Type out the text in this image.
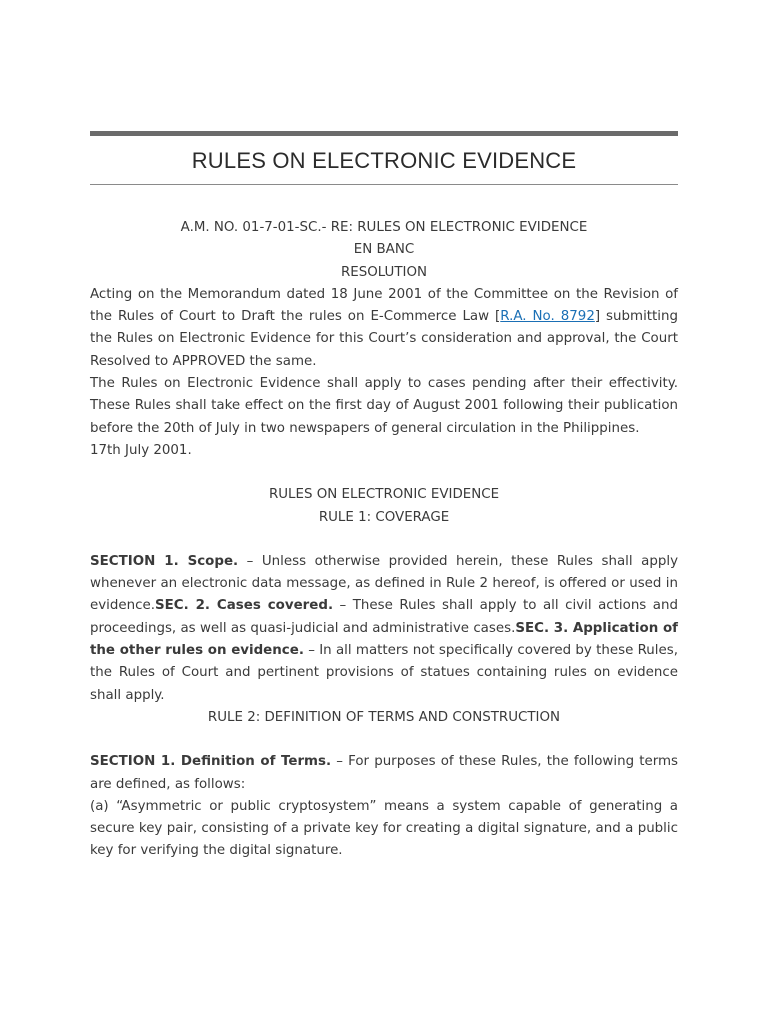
RULES ON ELECTRONIC EVIDENCE

A.M. NO. 01-7-01-SC.- RE: RULES ON ELECTRONIC EVIDENCE

EN BANC

RESOLUTION

Acting on the Memorandum dated 18 June 2001 of the Committee on the Revision of the Rules of Court to Draft the rules on E-Commerce Law [R.A. No. 8792] submitting the Rules on Electronic Evidence for this Court’s consideration and approval, the Court Resolved to APPROVED the same.

The Rules on Electronic Evidence shall apply to cases pending after their effectivity. These Rules shall take effect on the first day of August 2001 following their publication before the 20th of July in two newspapers of general circulation in the Philippines.

17th July 2001.

RULES ON ELECTRONIC EVIDENCE

RULE 1: COVERAGE

SECTION 1. Scope. – Unless otherwise provided herein, these Rules shall apply whenever an electronic data message, as defined in Rule 2 hereof, is offered or used in evidence.SEC. 2. Cases covered. – These Rules shall apply to all civil actions and proceedings, as well as quasi-judicial and administrative cases.SEC. 3. Application of the other rules on evidence. – In all matters not specifically covered by these Rules, the Rules of Court and pertinent provisions of statues containing rules on evidence shall apply.

RULE 2: DEFINITION OF TERMS AND CONSTRUCTION

SECTION 1. Definition of Terms. – For purposes of these Rules, the following terms are defined, as follows:

(a) “Asymmetric or public cryptosystem” means a system capable of generating a secure key pair, consisting of a private key for creating a digital signature, and a public key for verifying the digital signature.
